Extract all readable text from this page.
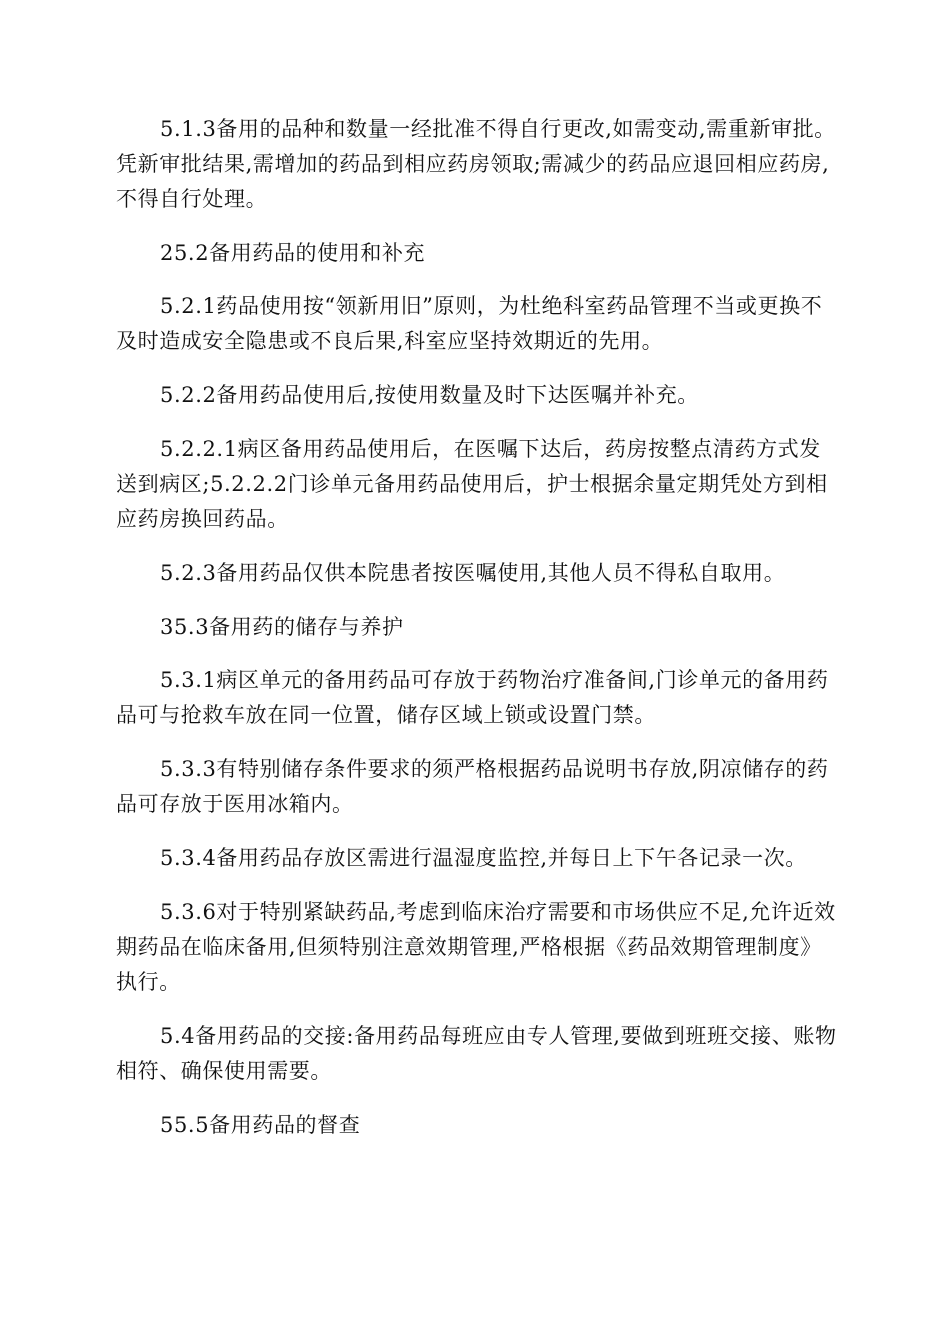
5.1.3备用的品种和数量一经批准不得自行更改,如需变动,需重新审批。凭新审批结果,需增加的药品到相应药房领取;需减少的药品应退回相应药房,不得自行处理。

25.2备用药品的使用和补充

5.2.1药品使用按“领新用旧”原则，为杜绝科室药品管理不当或更换不及时造成安全隐患或不良后果,科室应坚持效期近的先用。

5.2.2备用药品使用后,按使用数量及时下达医嘱并补充。

5.2.2.1病区备用药品使用后，在医嘱下达后，药房按整点清药方式发送到病区;5.2.2.2门诊单元备用药品使用后，护士根据余量定期凭处方到相应药房换回药品。

5.2.3备用药品仅供本院患者按医嘱使用,其他人员不得私自取用。

35.3备用药的储存与养护

5.3.1病区单元的备用药品可存放于药物治疗准备间,门诊单元的备用药品可与抢救车放在同一位置，储存区域上锁或设置门禁。

5.3.3有特别储存条件要求的须严格根据药品说明书存放,阴凉储存的药品可存放于医用冰箱内。

5.3.4备用药品存放区需进行温湿度监控,并每日上下午各记录一次。

5.3.6对于特别紧缺药品,考虑到临床治疗需要和市场供应不足,允许近效期药品在临床备用,但须特别注意效期管理,严格根据《药品效期管理制度》执行。

5.4备用药品的交接:备用药品每班应由专人管理,要做到班班交接、账物相符、确保使用需要。

55.5备用药品的督查
